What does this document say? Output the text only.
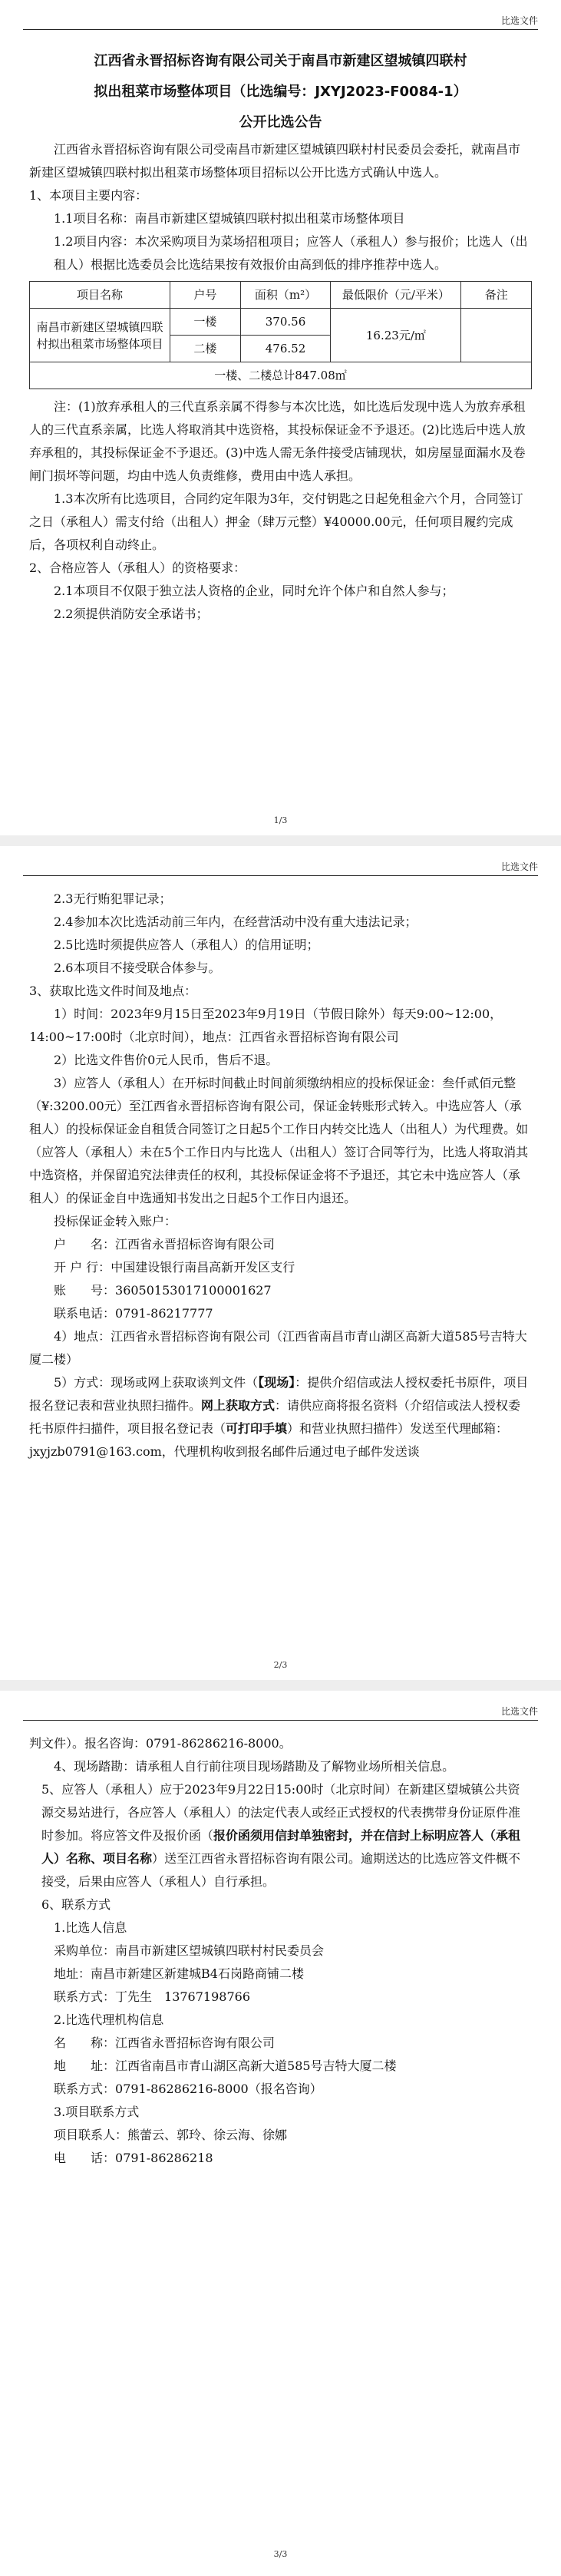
比选文件

江西省永晋招标咨询有限公司关于南昌市新建区望城镇四联村

拟出租菜市场整体项目（比选编号：JXYJ2023-F0084-1）

公开比选公告

江西省永晋招标咨询有限公司受南昌市新建区望城镇四联村村民委员会委托，就南昌市新建区望城镇四联村拟出租菜市场整体项目招标以公开比选方式确认中选人。

1、本项目主要内容：

1.1项目名称：南昌市新建区望城镇四联村拟出租菜市场整体项目

1.2项目内容：本次采购项目为菜场招租项目；应答人（承租人）参与报价；比选人（出租人）根据比选委员会比选结果按有效报价由高到低的排序推荐中选人。

项目名称	户号	面积（m²）	最低限价（元/平米）	备注
南昌市新建区望城镇四联村拟出租菜市场整体项目	一楼	370.56	16.23元/㎡	
	二楼	476.52		
一楼、二楼总计847.08㎡				

注：(1)放弃承租人的三代直系亲属不得参与本次比选，如比选后发现中选人为放弃承租人的三代直系亲属，比选人将取消其中选资格，其投标保证金不予退还。(2)比选后中选人放弃承租的，其投标保证金不予退还。(3)中选人需无条件接受店铺现状，如房屋显面漏水及卷闸门损坏等问题，均由中选人负责维修，费用由中选人承担。

1.3本次所有比选项目，合同约定年限为3年，交付钥匙之日起免租金六个月，合同签订之日（承租人）需支付给（出租人）押金（肆万元整）¥40000.00元，任何项目履约完成后，各项权利自动终止。

2、合格应答人（承租人）的资格要求：

2.1本项目不仅限于独立法人资格的企业，同时允许个体户和自然人参与；

2.2须提供消防安全承诺书；

1/3
比选文件

2.3无行贿犯罪记录；

2.4参加本次比选活动前三年内，在经营活动中没有重大违法记录；

2.5比选时须提供应答人（承租人）的信用证明；

2.6本项目不接受联合体参与。

3、获取比选文件时间及地点：

1）时间：2023年9月15日至2023年9月19日（节假日除外）每天9:00~12:00，14:00~17:00时（北京时间），地点：江西省永晋招标咨询有限公司

2）比选文件售价0元人民币，售后不退。

3）应答人（承租人）在开标时间截止时间前须缴纳相应的投标保证金：叁仟贰佰元整（¥:3200.00元）至江西省永晋招标咨询有限公司，保证金转账形式转入。中选应答人（承租人）的投标保证金自租赁合同签订之日起5个工作日内转交比选人（出租人）为代理费。如（应答人（承租人）未在5个工作日内与比选人（出租人）签订合同等行为，比选人将取消其中选资格，并保留追究法律责任的权利，其投标保证金将不予退还，其它未中选应答人（承租人）的保证金自中选通知书发出之日起5个工作日内退还。

投标保证金转入账户：

户　　名：江西省永晋招标咨询有限公司

开 户 行：中国建设银行南昌高新开发区支行

账　　号：36050153017100001627

联系电话：0791-86217777

4）地点：江西省永晋招标咨询有限公司（江西省南昌市青山湖区高新大道585号吉特大厦二楼）

5）方式：现场或网上获取谈判文件（【现场】：提供介绍信或法人授权委托书原件，项目报名登记表和营业执照扫描件。网上获取方式：请供应商将报名资料（介绍信或法人授权委托书原件扫描件，项目报名登记表（可打印手填）和营业执照扫描件）发送至代理邮箱：jxyjzb0791@163.com，代理机构收到报名邮件后通过电子邮件发送谈

2/3
比选文件

判文件）。报名咨询：0791-86286216-8000。

4、现场踏勘：请承租人自行前往项目现场踏勘及了解物业场所相关信息。

5、应答人（承租人）应于2023年9月22日15:00时（北京时间）在新建区望城镇公共资源交易站进行，各应答人（承租人）的法定代表人或经正式授权的代表携带身份证原件准时参加。将应答文件及报价函（报价函须用信封单独密封，并在信封上标明应答人（承租人）名称、项目名称）送至江西省永晋招标咨询有限公司。逾期送达的比选应答文件概不接受，后果由应答人（承租人）自行承担。

6、联系方式

1.比选人信息

采购单位：南昌市新建区望城镇四联村村民委员会

地址：南昌市新建区新建城B4石岗路商铺二楼

联系方式：丁先生　13767198766

2.比选代理机构信息

名　　称：江西省永晋招标咨询有限公司

地　　址：江西省南昌市青山湖区高新大道585号吉特大厦二楼

联系方式：0791-86286216-8000（报名咨询）

3.项目联系方式

项目联系人：熊蕾云、郭玲、徐云海、徐娜

电　　话：0791-86286218

3/3
